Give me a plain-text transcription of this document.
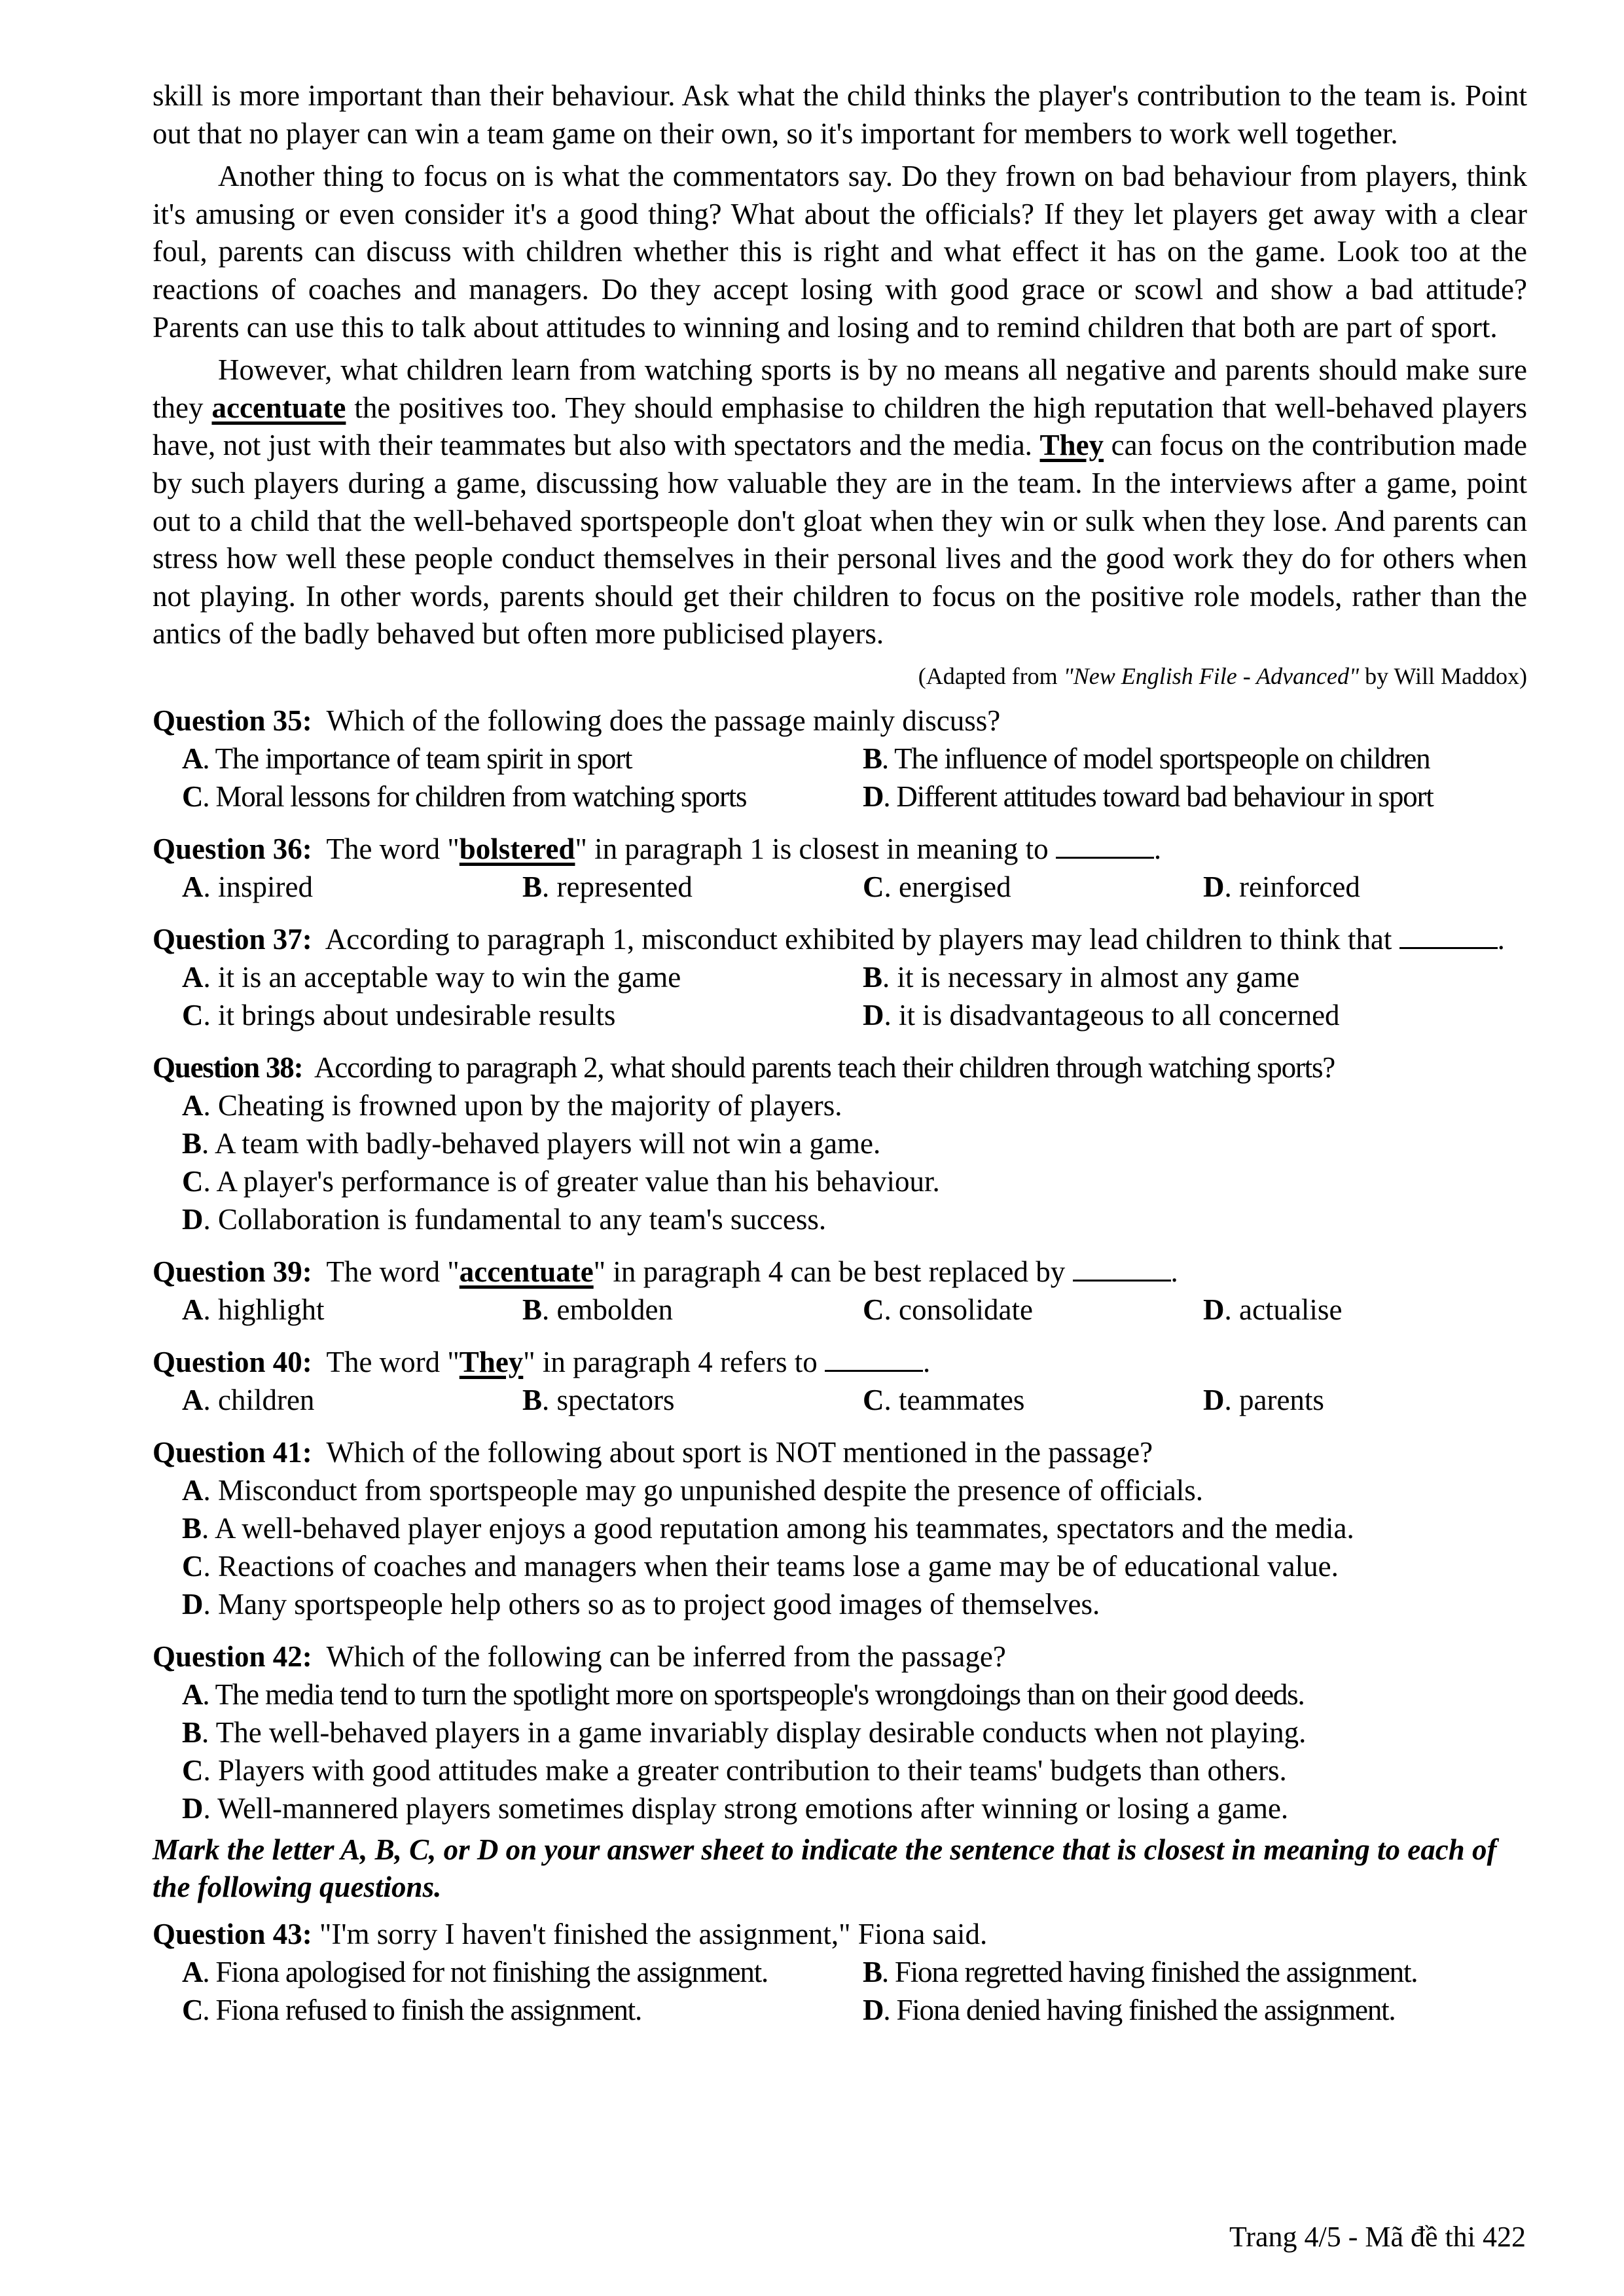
skill is more important than their behaviour. Ask what the child thinks the player's contribution to the team is. Point out that no player can win a team game on their own, so it's important for members to work well together.

Another thing to focus on is what the commentators say. Do they frown on bad behaviour from players, think it's amusing or even consider it's a good thing? What about the officials? If they let players get away with a clear foul, parents can discuss with children whether this is right and what effect it has on the game. Look too at the reactions of coaches and managers. Do they accept losing with good grace or scowl and show a bad attitude? Parents can use this to talk about attitudes to winning and losing and to remind children that both are part of sport.

However, what children learn from watching sports is by no means all negative and parents should make sure they accentuate the positives too. They should emphasise to children the high reputation that well-behaved players have, not just with their teammates but also with spectators and the media. They can focus on the contribution made by such players during a game, discussing how valuable they are in the team. In the interviews after a game, point out to a child that the well-behaved sportspeople don't gloat when they win or sulk when they lose. And parents can stress how well these people conduct themselves in their personal lives and the good work they do for others when not playing. In other words, parents should get their children to focus on the positive role models, rather than the antics of the badly behaved but often more publicised players.

(Adapted from "New English File - Advanced" by Will Maddox)
Question 35: Which of the following does the passage mainly discuss?
A. The importance of team spirit in sport	B. The influence of model sportspeople on children
C. Moral lessons for children from watching sports	D. Different attitudes toward bad behaviour in sport
Question 36: The word "bolstered" in paragraph 1 is closest in meaning to	.
A. inspired	B. represented	C. energised	D. reinforced
Question 37: According to paragraph 1, misconduct exhibited by players may lead children to think that	.
A. it is an acceptable way to win the game	B. it is necessary in almost any game
C. it brings about undesirable results	D. it is disadvantageous to all concerned
Question 38: According to paragraph 2, what should parents teach their children through watching sports?
A. Cheating is frowned upon by the majority of players.
B. A team with badly-behaved players will not win a game.
C. A player's performance is of greater value than his behaviour.
D. Collaboration is fundamental to any team's success.
Question 39: The word "accentuate" in paragraph 4 can be best replaced by	.
A. highlight	B. embolden	C. consolidate	D. actualise
Question 40: The word "They" in paragraph 4 refers to	.
A. children	B. spectators	C. teammates	D. parents
Question 41: Which of the following about sport is NOT mentioned in the passage?
A. Misconduct from sportspeople may go unpunished despite the presence of officials.
B. A well-behaved player enjoys a good reputation among his teammates, spectators and the media.
C. Reactions of coaches and managers when their teams lose a game may be of educational value.
D. Many sportspeople help others so as to project good images of themselves.
Question 42: Which of the following can be inferred from the passage?
A. The media tend to turn the spotlight more on sportspeople's wrongdoings than on their good deeds.
B. The well-behaved players in a game invariably display desirable conducts when not playing.
C. Players with good attitudes make a greater contribution to their teams' budgets than others.
D. Well-mannered players sometimes display strong emotions after winning or losing a game.
Mark the letter A, B, C, or D on your answer sheet to indicate the sentence that is closest in meaning to each of the following questions.
Question 43: "I'm sorry I haven't finished the assignment," Fiona said.
A. Fiona apologised for not finishing the assignment.	B. Fiona regretted having finished the assignment.
C. Fiona refused to finish the assignment.	D. Fiona denied having finished the assignment.
Trang 4/5 - Mã đề thi 422
